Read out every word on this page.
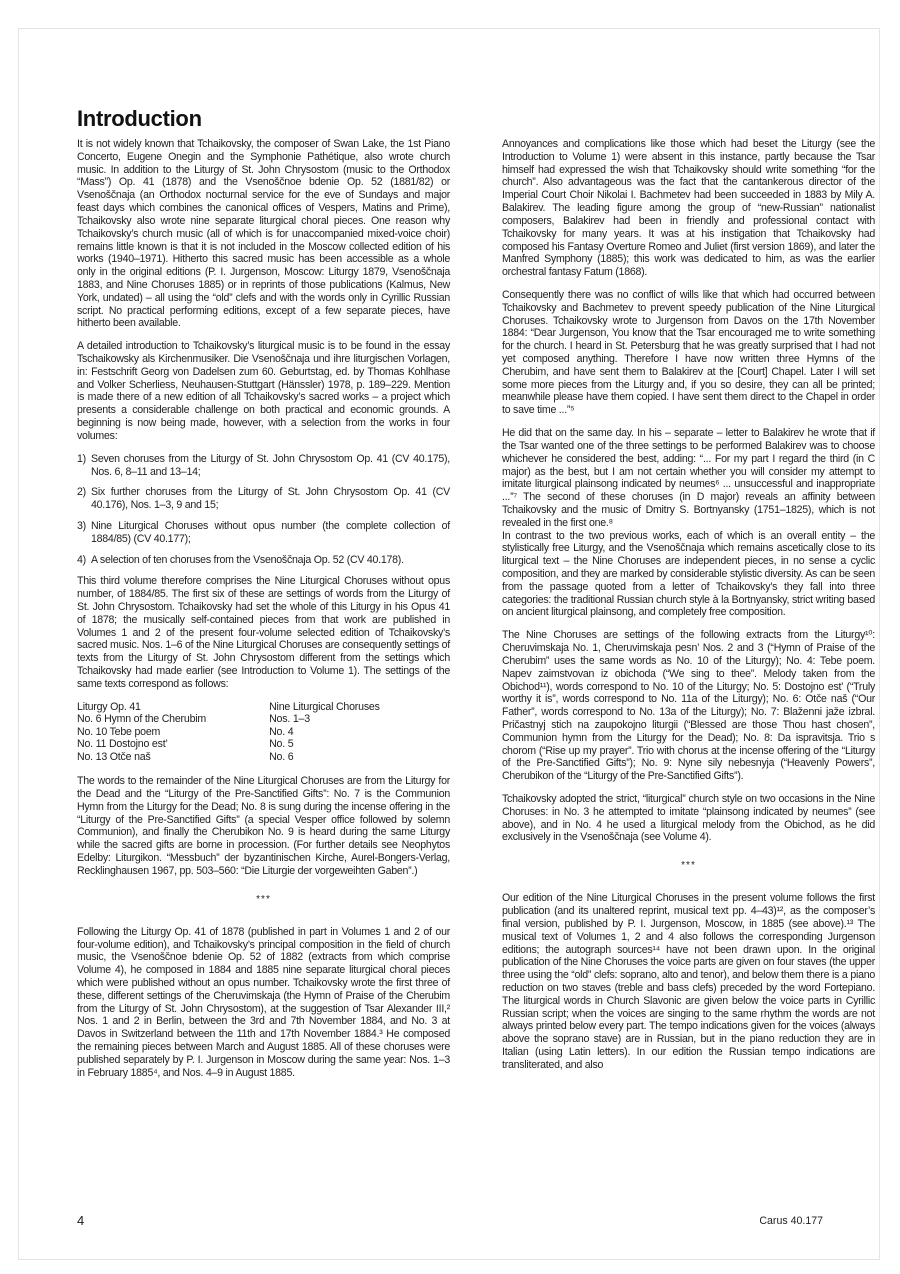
Introduction

It is not widely known that Tchaikovsky, the composer of Swan Lake, the 1st Piano Concerto, Eugene Onegin and the Symphonie Pathétique, also wrote church music. In addition to the Liturgy of St. John Chrysostom (music to the Orthodox “Mass”) Op. 41 (1878) and the Vsenoščnoe bdenie Op. 52 (1881/82) or Vsenoščnaja (an Orthodox nocturnal service for the eve of Sundays and major feast days which combines the canonical offices of Vespers, Matins and Prime), Tchaikovsky also wrote nine separate liturgical choral pieces. One reason why Tchaikovsky’s church music (all of which is for unaccompanied mixed-voice choir) remains little known is that it is not included in the Moscow collected edition of his works (1940–1971). Hitherto this sacred music has been accessible as a whole only in the original editions (P. I. Jurgenson, Moscow: Liturgy 1879, Vsenoščnaja 1883, and Nine Choruses 1885) or in reprints of those publications (Kalmus, New York, undated) – all using the “old” clefs and with the words only in Cyrillic Russian script. No practical performing editions, except of a few separate pieces, have hitherto been available.

A detailed introduction to Tchaikovsky’s liturgical music is to be found in the essay Tschaikowsky als Kirchenmusiker. Die Vsenoščnaja und ihre liturgischen Vorlagen, in: Festschrift Georg von Dadelsen zum 60. Geburtstag, ed. by Thomas Kohlhase and Volker Scherliess, Neuhausen-Stuttgart (Hänssler) 1978, p. 189–229. Mention is made there of a new edition of all Tchaikovsky’s sacred works – a project which presents a considerable challenge on both practical and economic grounds. A beginning is now being made, however, with a selection from the works in four volumes:

1) Seven choruses from the Liturgy of St. John Chrysostom Op. 41 (CV 40.175), Nos. 6, 8–11 and 13–14;
2) Six further choruses from the Liturgy of St. John Chrysostom Op. 41 (CV 40.176), Nos. 1–3, 9 and 15;
3) Nine Liturgical Choruses without opus number (the complete collection of 1884/85) (CV 40.177);
4) A selection of ten choruses from the Vsenoščnaja Op. 52 (CV 40.178).

This third volume therefore comprises the Nine Liturgical Choruses without opus number, of 1884/85. The first six of these are settings of words from the Liturgy of St. John Chrysostom. Tchaikovsky had set the whole of this Liturgy in his Opus 41 of 1878; the musically self-contained pieces from that work are published in Volumes 1 and 2 of the present four-volume selected edition of Tchaikovsky’s sacred music. Nos. 1–6 of the Nine Liturgical Choruses are consequently settings of texts from the Liturgy of St. John Chrysostom different from the settings which Tchaikovsky had made earlier (see Introduction to Volume 1). The settings of the same texts correspond as follows:

Liturgy Op. 41	Nine Liturgical Choruses
No. 6 Hymn of the Cherubim	Nos. 1–3
No. 10 Tebe poem	No. 4
No. 11 Dostojno est’	No. 5
No. 13 Otče naš	No. 6

The words to the remainder of the Nine Liturgical Choruses are from the Liturgy for the Dead and the “Liturgy of the Pre-Sanctified Gifts”: No. 7 is the Communion Hymn from the Liturgy for the Dead; No. 8 is sung during the incense offering in the “Liturgy of the Pre-Sanctified Gifts” (a special Vesper office followed by solemn Communion), and finally the Cherubikon No. 9 is heard during the same Liturgy while the sacred gifts are borne in procession. (For further details see Neophytos Edelby: Liturgikon. “Messbuch” der byzantinischen Kirche, Aurel-Bongers-Verlag, Recklinghausen 1967, pp. 503–560: “Die Liturgie der vorgeweihten Gaben”.)

***

Following the Liturgy Op. 41 of 1878 (published in part in Volumes 1 and 2 of our four-volume edition), and Tchaikovsky’s principal composition in the field of church music, the Vsenoščnoe bdenie Op. 52 of 1882 (extracts from which comprise Volume 4), he composed in 1884 and 1885 nine separate liturgical choral pieces which were published without an opus number. Tchaikovsky wrote the first three of these, different settings of the Cheruvimskaja (the Hymn of Praise of the Cherubim from the Liturgy of St. John Chrysostom), at the suggestion of Tsar Alexander III,² Nos. 1 and 2 in Berlin, between the 3rd and 7th November 1884, and No. 3 at Davos in Switzerland between the 11th and 17th November 1884.³ He composed the remaining pieces between March and August 1885. All of these choruses were published separately by P. I. Jurgenson in Moscow during the same year: Nos. 1–3 in February 1885⁴, and Nos. 4–9 in August 1885.

Annoyances and complications like those which had beset the Liturgy (see the Introduction to Volume 1) were absent in this instance, partly because the Tsar himself had expressed the wish that Tchaikovsky should write something “for the church”. Also advantageous was the fact that the cantankerous director of the Imperial Court Choir Nikolai I. Bachmetev had been succeeded in 1883 by Mily A. Balakirev. The leading figure among the group of “new-Russian” nationalist composers, Balakirev had been in friendly and professional contact with Tchaikovsky for many years. It was at his instigation that Tchaikovsky had composed his Fantasy Overture Romeo and Juliet (first version 1869), and later the Manfred Symphony (1885); this work was dedicated to him, as was the earlier orchestral fantasy Fatum (1868).

Consequently there was no conflict of wills like that which had occurred between Tchaikovsky and Bachmetev to prevent speedy publication of the Nine Liturgical Choruses. Tchaikovsky wrote to Jurgenson from Davos on the 17th November 1884: “Dear Jurgenson, You know that the Tsar encouraged me to write something for the church. I heard in St. Petersburg that he was greatly surprised that I had not yet composed anything. Therefore I have now written three Hymns of the Cherubim, and have sent them to Balakirev at the [Court] Chapel. Later I will set some more pieces from the Liturgy and, if you so desire, they can all be printed; meanwhile please have them copied. I have sent them direct to the Chapel in order to save time ...”⁵

He did that on the same day. In his – separate – letter to Balakirev he wrote that if the Tsar wanted one of the three settings to be performed Balakirev was to choose whichever he considered the best, adding: “... For my part I regard the third (in C major) as the best, but I am not certain whether you will consider my attempt to imitate liturgical plainsong indicated by neumes⁶ ... unsuccessful and inappropriate ...”⁷ The second of these choruses (in D major) reveals an affinity between Tchaikovsky and the music of Dmitry S. Bortnyansky (1751–1825), which is not revealed in the first one.⁸

In contrast to the two previous works, each of which is an overall entity – the stylistically free Liturgy, and the Vsenoščnaja which remains ascetically close to its liturgical text – the Nine Choruses are independent pieces, in no sense a cyclic composition, and they are marked by considerable stylistic diversity. As can be seen from the passage quoted from a letter of Tchaikovsky’s they fall into three categories: the traditional Russian church style à la Bortnyansky, strict writing based on ancient liturgical plainsong, and completely free composition.

The Nine Choruses are settings of the following extracts from the Liturgy¹⁰: Cheruvimskaja No. 1, Cheruvimskaja pesn’ Nos. 2 and 3 (“Hymn of Praise of the Cherubim” uses the same words as No. 10 of the Liturgy); No. 4: Tebe poem. Napev zaimstvovan iz obichoda (“We sing to thee”. Melody taken from the Obichod¹¹), words correspond to No. 10 of the Liturgy; No. 5: Dostojno est’ (“Truly worthy it is”, words correspond to No. 11a of the Liturgy); No. 6: Otče naš (“Our Father”, words correspond to No. 13a of the Liturgy); No. 7: Blaženni jaže izbral. Pričastnyj stich na zaupokojno liturgii (“Blessed are those Thou hast chosen”, Communion hymn from the Liturgy for the Dead); No. 8: Da ispravitsja. Trio s chorom (“Rise up my prayer”. Trio with chorus at the incense offering of the “Liturgy of the Pre-Sanctified Gifts”); No. 9: Nyne sily nebesnyja (“Heavenly Powers”, Cherubikon of the “Liturgy of the Pre-Sanctified Gifts”).

Tchaikovsky adopted the strict, “liturgical” church style on two occasions in the Nine Choruses: in No. 3 he attempted to imitate “plainsong indicated by neumes” (see above), and in No. 4 he used a liturgical melody from the Obichod, as he did exclusively in the Vsenoščnaja (see Volume 4).

***

Our edition of the Nine Liturgical Choruses in the present volume follows the first publication (and its unaltered reprint, musical text pp. 4–43)¹², as the composer’s final version, published by P. I. Jurgenson, Moscow, in 1885 (see above).¹³ The musical text of Volumes 1, 2 and 4 also follows the corresponding Jurgenson editions; the autograph sources¹⁴ have not been drawn upon. In the original publication of the Nine Choruses the voice parts are given on four staves (the upper three using the “old” clefs: soprano, alto and tenor), and below them there is a piano reduction on two staves (treble and bass clefs) preceded by the word Fortepiano. The liturgical words in Church Slavonic are given below the voice parts in Cyrillic Russian script; when the voices are singing to the same rhythm the words are not always printed below every part. The tempo indications given for the voices (always above the soprano stave) are in Russian, but in the piano reduction they are in Italian (using Latin letters). In our edition the Russian tempo indications are transliterated, and also

4	Carus 40.177
